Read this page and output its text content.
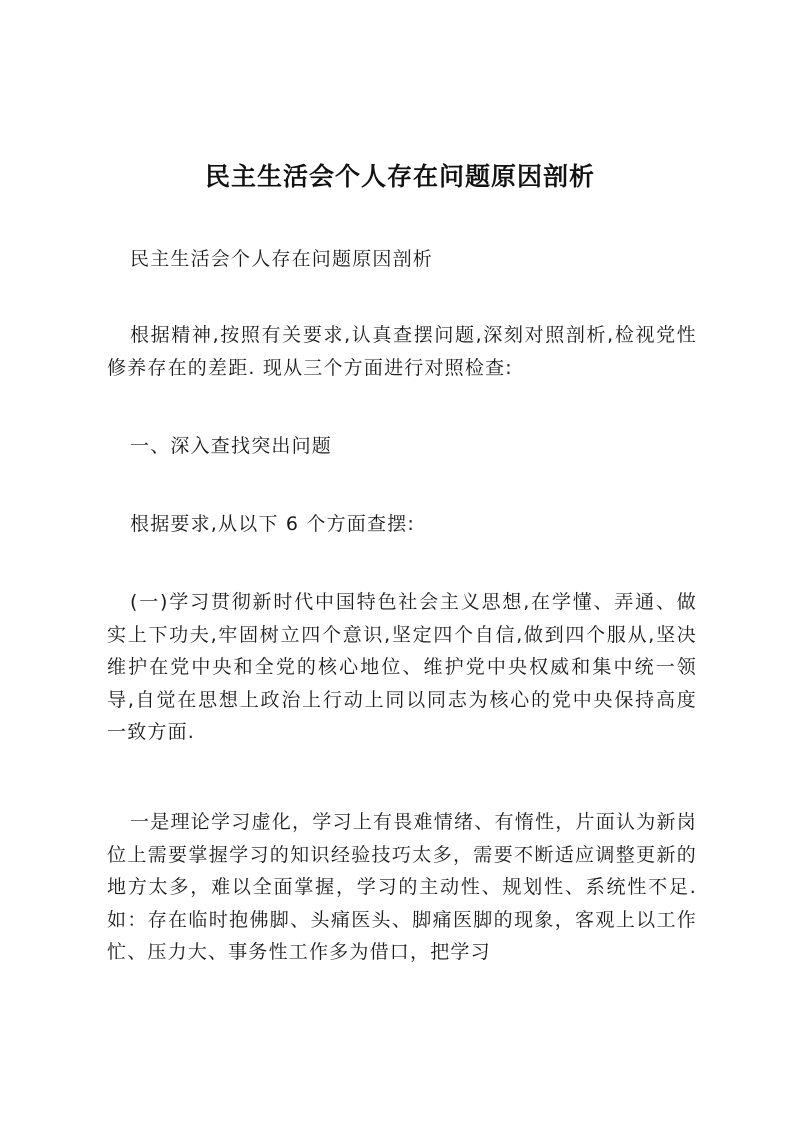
民主生活会个人存在问题原因剖析

民主生活会个人存在问题原因剖析

根据精神,按照有关要求,认真查摆问题,深刻对照剖析,检视党性修养存在的差距. 现从三个方面进行对照检查:

一、深入查找突出问题

根据要求,从以下 6 个方面查摆:

(一)学习贯彻新时代中国特色社会主义思想,在学懂、弄通、做实上下功夫,牢固树立四个意识,坚定四个自信,做到四个服从,坚决维护在党中央和全党的核心地位、维护党中央权威和集中统一领导,自觉在思想上政治上行动上同以同志为核心的党中央保持高度一致方面.

一是理论学习虚化，学习上有畏难情绪、有惰性，片面认为新岗位上需要掌握学习的知识经验技巧太多，需要不断适应调整更新的地方太多，难以全面掌握，学习的主动性、规划性、系统性不足. 如：存在临时抱佛脚、头痛医头、脚痛医脚的现象，客观上以工作忙、压力大、事务性工作多为借口，把学习
